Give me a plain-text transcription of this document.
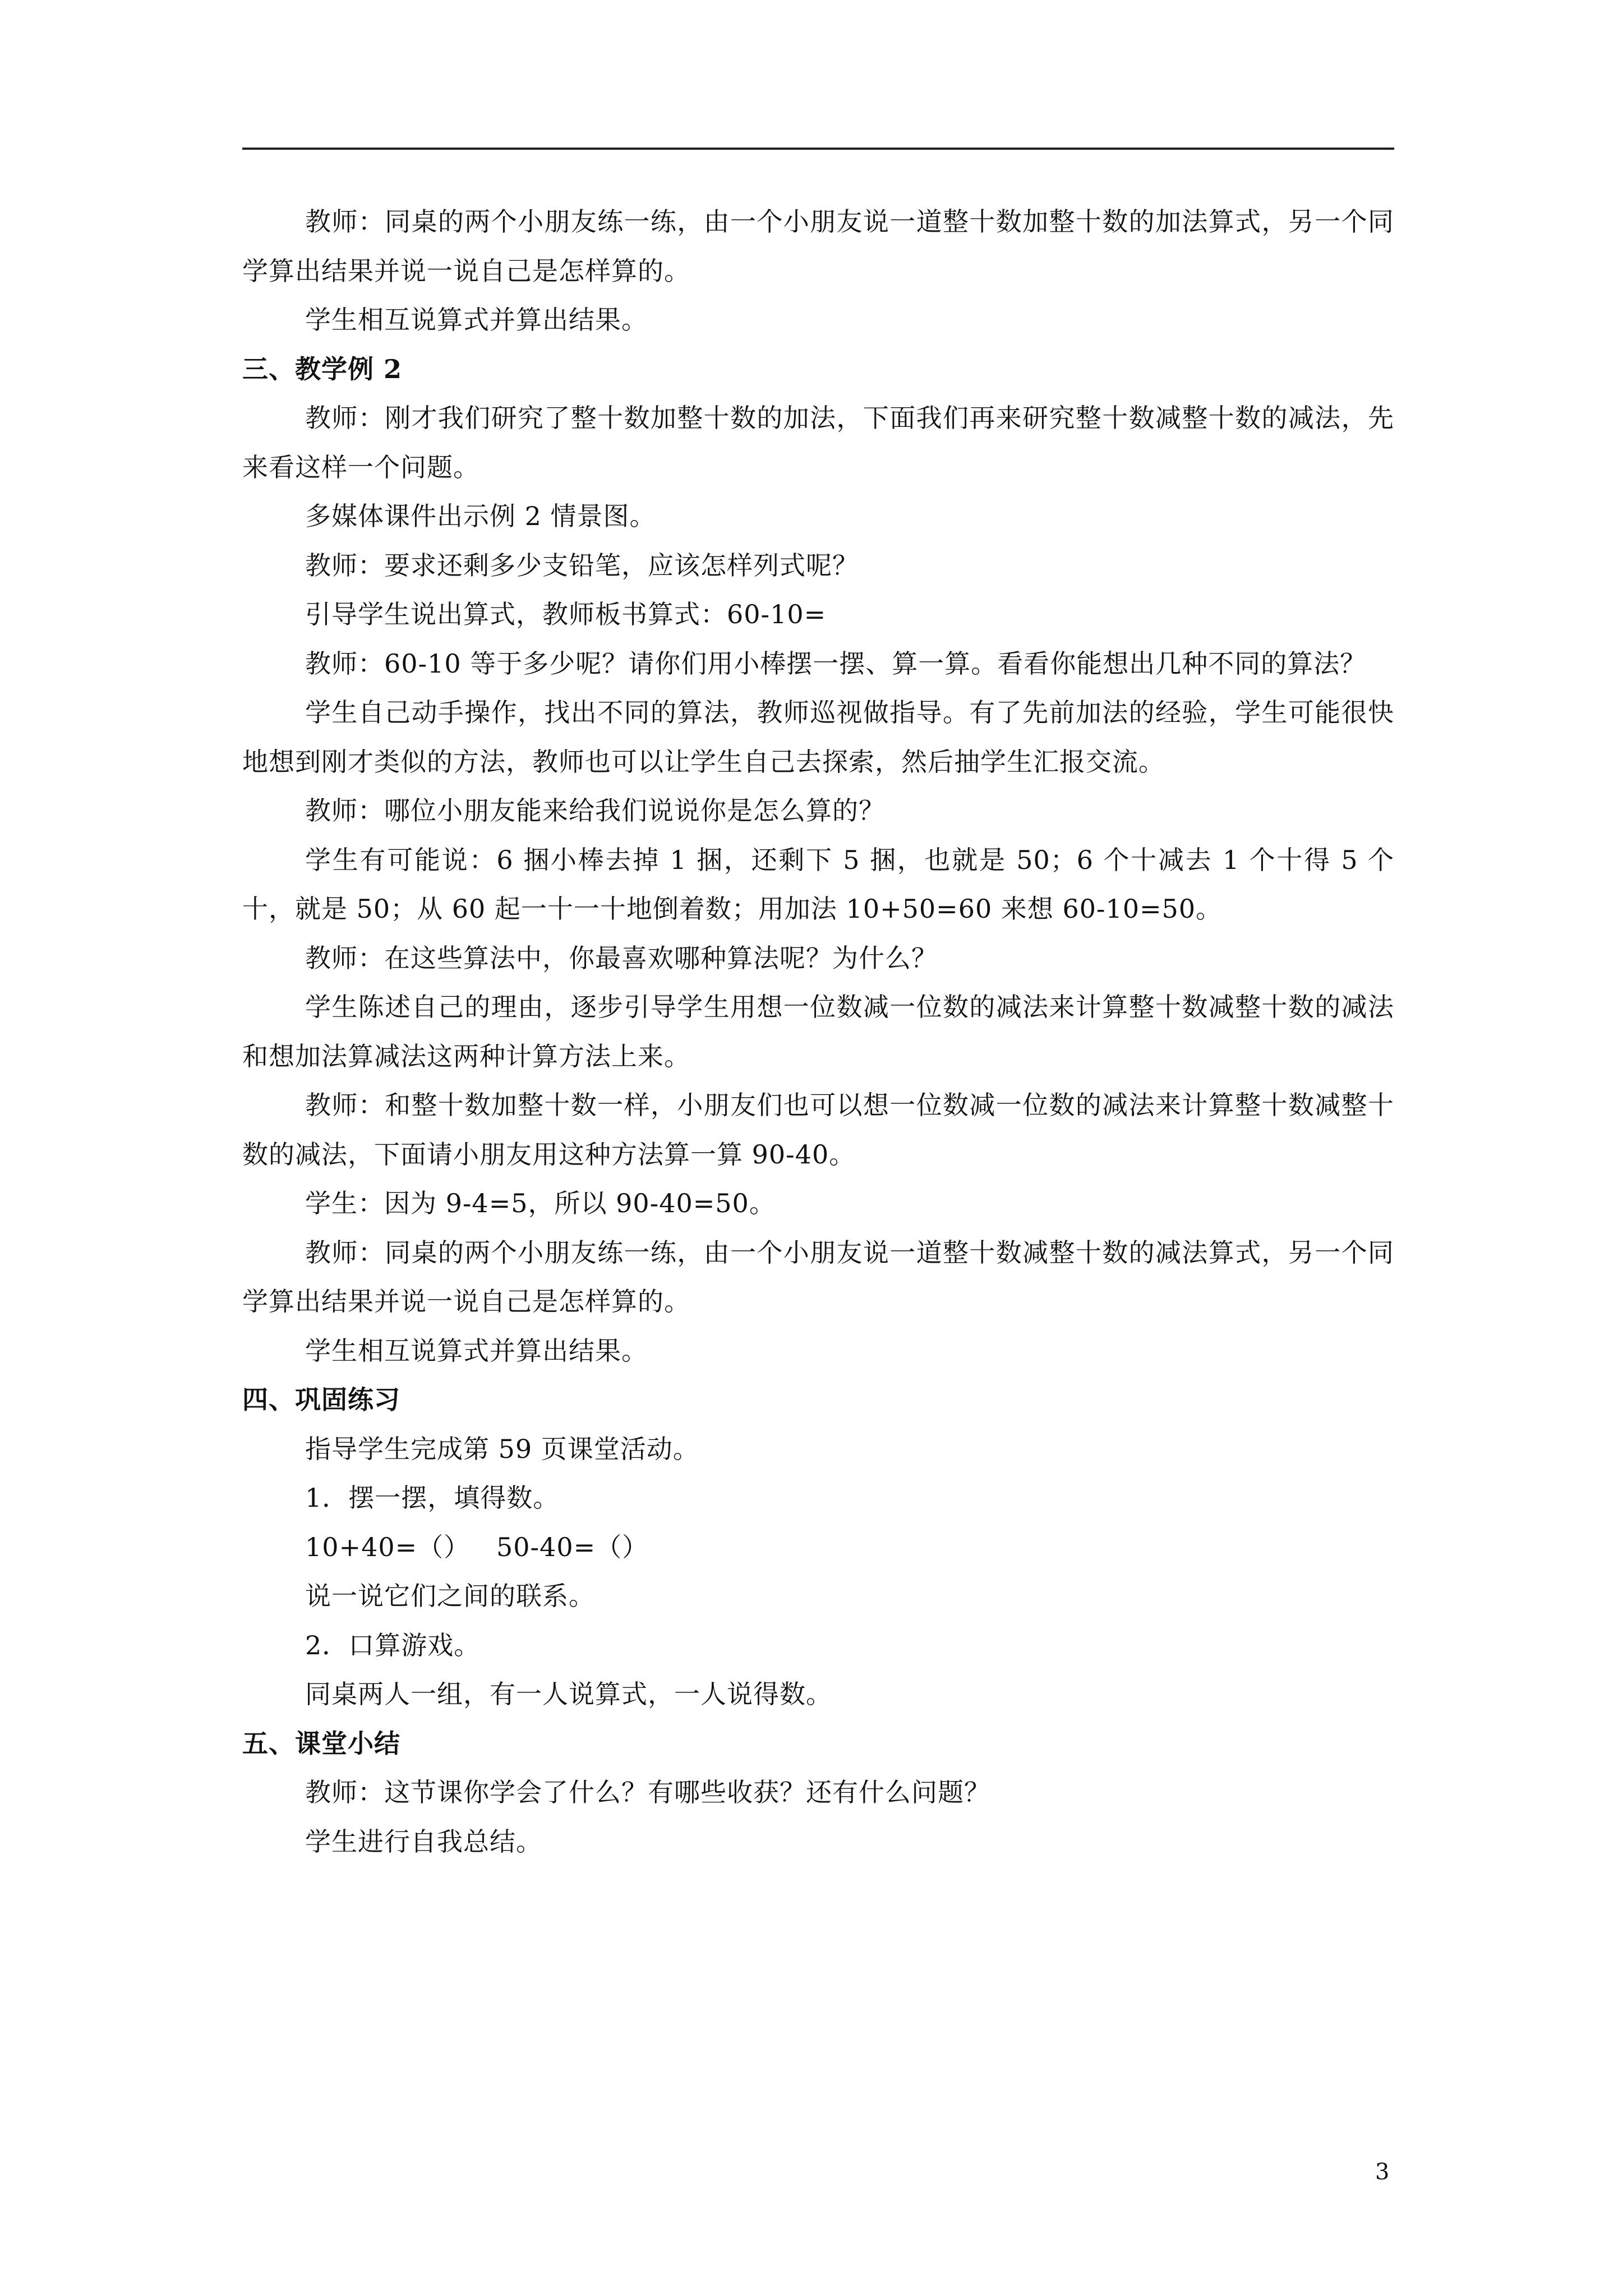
教师：同桌的两个小朋友练一练，由一个小朋友说一道整十数加整十数的加法算式，另一个同学算出结果并说一说自己是怎样算的。

学生相互说算式并算出结果。

三、教学例 2

教师：刚才我们研究了整十数加整十数的加法，下面我们再来研究整十数减整十数的减法，先来看这样一个问题。

多媒体课件出示例 2 情景图。

教师：要求还剩多少支铅笔，应该怎样列式呢？

引导学生说出算式，教师板书算式：60-10=

教师：60-10 等于多少呢？请你们用小棒摆一摆、算一算。看看你能想出几种不同的算法？

学生自己动手操作，找出不同的算法，教师巡视做指导。有了先前加法的经验，学生可能很快地想到刚才类似的方法，教师也可以让学生自己去探索，然后抽学生汇报交流。

教师：哪位小朋友能来给我们说说你是怎么算的？

学生有可能说：6 捆小棒去掉 1 捆，还剩下 5 捆，也就是 50；6 个十减去 1 个十得 5 个十，就是 50；从 60 起一十一十地倒着数；用加法 10+50=60 来想 60-10=50。

教师：在这些算法中，你最喜欢哪种算法呢？为什么？

学生陈述自己的理由，逐步引导学生用想一位数减一位数的减法来计算整十数减整十数的减法和想加法算减法这两种计算方法上来。

教师：和整十数加整十数一样，小朋友们也可以想一位数减一位数的减法来计算整十数减整十数的减法，下面请小朋友用这种方法算一算 90-40。

学生：因为 9-4=5，所以 90-40=50。

教师：同桌的两个小朋友练一练，由一个小朋友说一道整十数减整十数的减法算式，另一个同学算出结果并说一说自己是怎样算的。

学生相互说算式并算出结果。

四、巩固练习

指导学生完成第 59 页课堂活动。

1．摆一摆，填得数。

10+40=（）   50-40=（）

说一说它们之间的联系。

2．口算游戏。

同桌两人一组，有一人说算式，一人说得数。

五、课堂小结

教师：这节课你学会了什么？有哪些收获？还有什么问题？

学生进行自我总结。

3
